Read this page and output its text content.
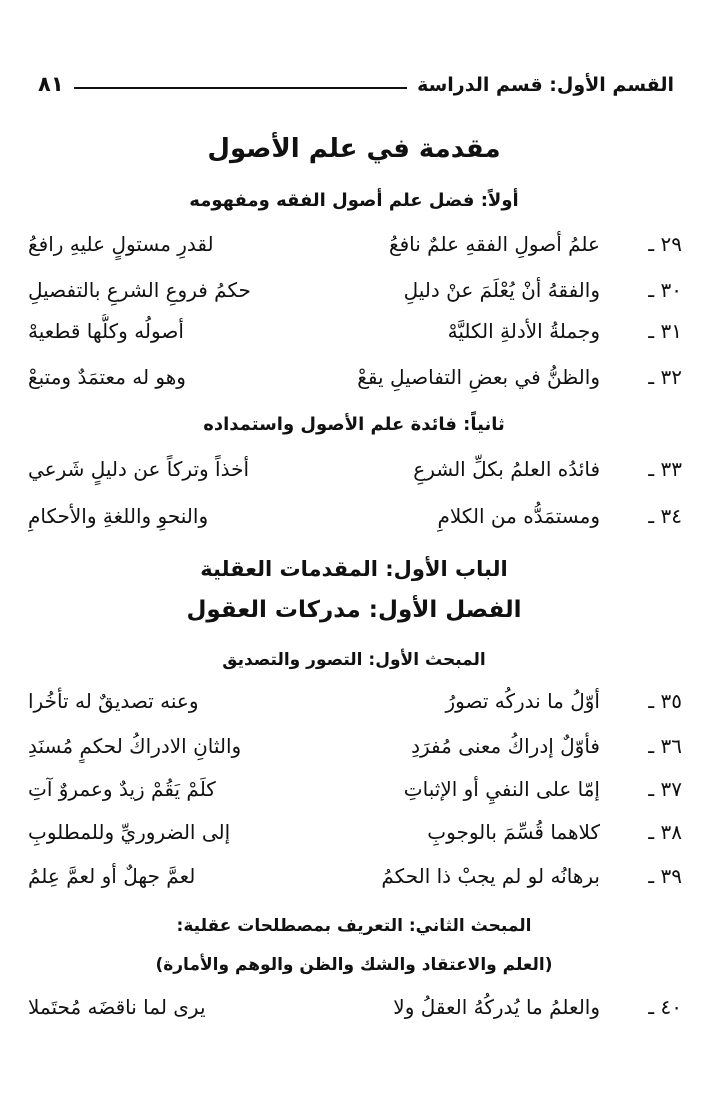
القسم الأول: قسم الدراسة
٨١
مقدمة في علم الأصول
أولاً: فضل علم أصول الفقه ومفهومه
٢٩ ـ
علمُ أصولِ الفقهِ علمٌ نافعُ
لقدرِ مستولٍ عليهِ رافعُ
٣٠ ـ
والفقهُ أنْ يُعْلَمَ عنْ دليلِ
حكمُ فروعِ الشرعِ بالتفصيلِ
٣١ ـ
وجملةُ الأدلةِ الكليَّهْ
أصولُه وكلُّها قطعيهْ
٣٢ ـ
والظنُّ في بعضِ التفاصيلِ يقعْ
وهو له معتمَدٌ ومتبعْ
ثانياً: فائدة علم الأصول واستمداده
٣٣ ـ
فائدُه العلمُ بكلِّ الشرعِ
أخذاً وتركاً عن دليلٍ شَرعي
٣٤ ـ
ومستمَدُّه من الكلامِ
والنحوِ واللغةِ والأحكامِ
الباب الأول: المقدمات العقلية
الفصل الأول: مدركات العقول
المبحث الأول: التصور والتصديق
٣٥ ـ
أوّلُ ما ندركُه تصورُ
وعنه تصديقٌ له تأخُرا
٣٦ ـ
فأوّلٌ إدراكُ معنى مُفرَدِ
والثانِ الادراكُ لحكمٍ مُسنَدِ
٣٧ ـ
إمّا على النفيِ أو الإثباتِ
كلَمْ يَقُمْ زيدٌ وعمروٌ آتِ
٣٨ ـ
كلاهما قُسِّمَ بالوجوبِ
إلى الضروريِّ وللمطلوبِ
٣٩ ـ
برهانُه لو لم يجبْ ذا الحكمُ
لعمَّ جهلٌ أو لعمَّ عِلمُ
المبحث الثاني: التعريف بمصطلحات عقلية:
(العلم والاعتقاد والشك والظن والوهم والأمارة)
٤٠ ـ
والعلمُ ما يُدركُهُ العقلُ ولا
يرى لما ناقضَه مُحتَملا
